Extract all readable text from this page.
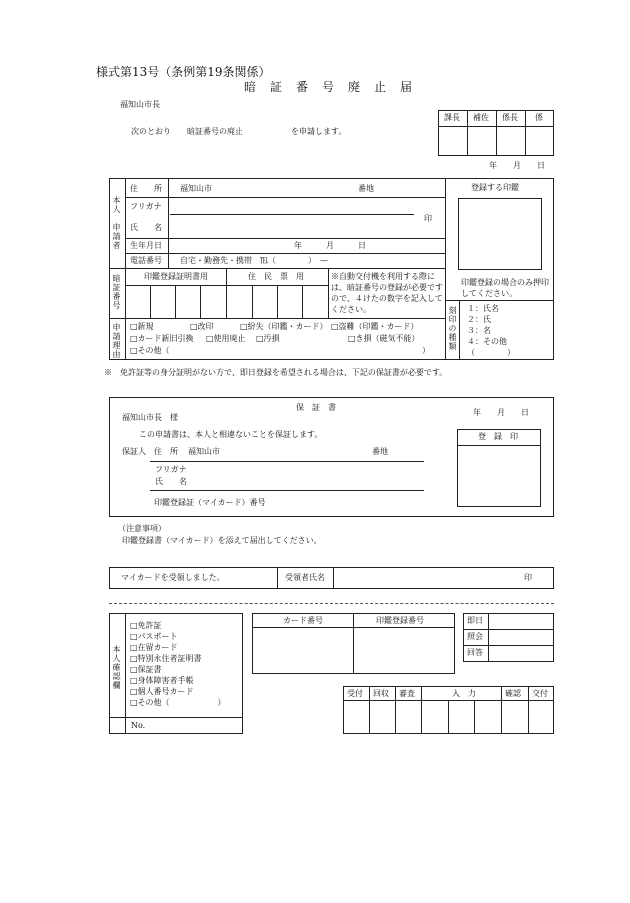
様式第13号（条例第19条関係）
暗　証　番　号　廃　止　届
福知山市長
次のとおり　　暗証番号の廃止　　　　　　を申請します。
課長 補佐 係長 係
年　　月　　日
本人　申請者
住　　所 福知山市	番地
フリガナ
氏　　名
印
生年月日	年　　　月　　　日
電話番号 自宅・勤務先・携帯　℡（　　　　）　—
登録する印鑑
印鑑登録の場合のみ押印してください。
刻印の種類 １：氏名
２：氏
３：名
４：その他
（　　　　）
暗証番号	印鑑登録証明書用	住　民　票　用	※自動交付機を利用する際には、暗証番号の登録が必要ですので、４けたの数字を記入してください。
申請理由 □新規	□改印	□紛失（印鑑・カード） □盗難（印鑑・カード）
□カード新旧引換 □使用廃止 □汚損	□き損（磁気不能）
□その他（	）
※　免許証等の身分証明がない方で、即日登録を希望される場合は、下記の保証書が必要です。
保　証　書
福知山市長　様
年　　月　　日
この申請書は、本人と相違ないことを保証します。
保証人 住　所 福知山市	番地
フリガナ
氏　　名
印鑑登録証（マイカード）番号
登　録　印
（注意事項）
印鑑登録書（マイカード）を添えて届出してください。
マイカードを受領しました。	受領者氏名	印
本人確認欄
□免許証
□パスポート
□在留カード
□特別永住者証明書
□保証書
□身体障害者手帳
□個人番号カード
□その他（　　　　　　）
No.
カード番号	印鑑登録番号	即日
照会
回答
受付 回収 審査	入　力	確認 交付
